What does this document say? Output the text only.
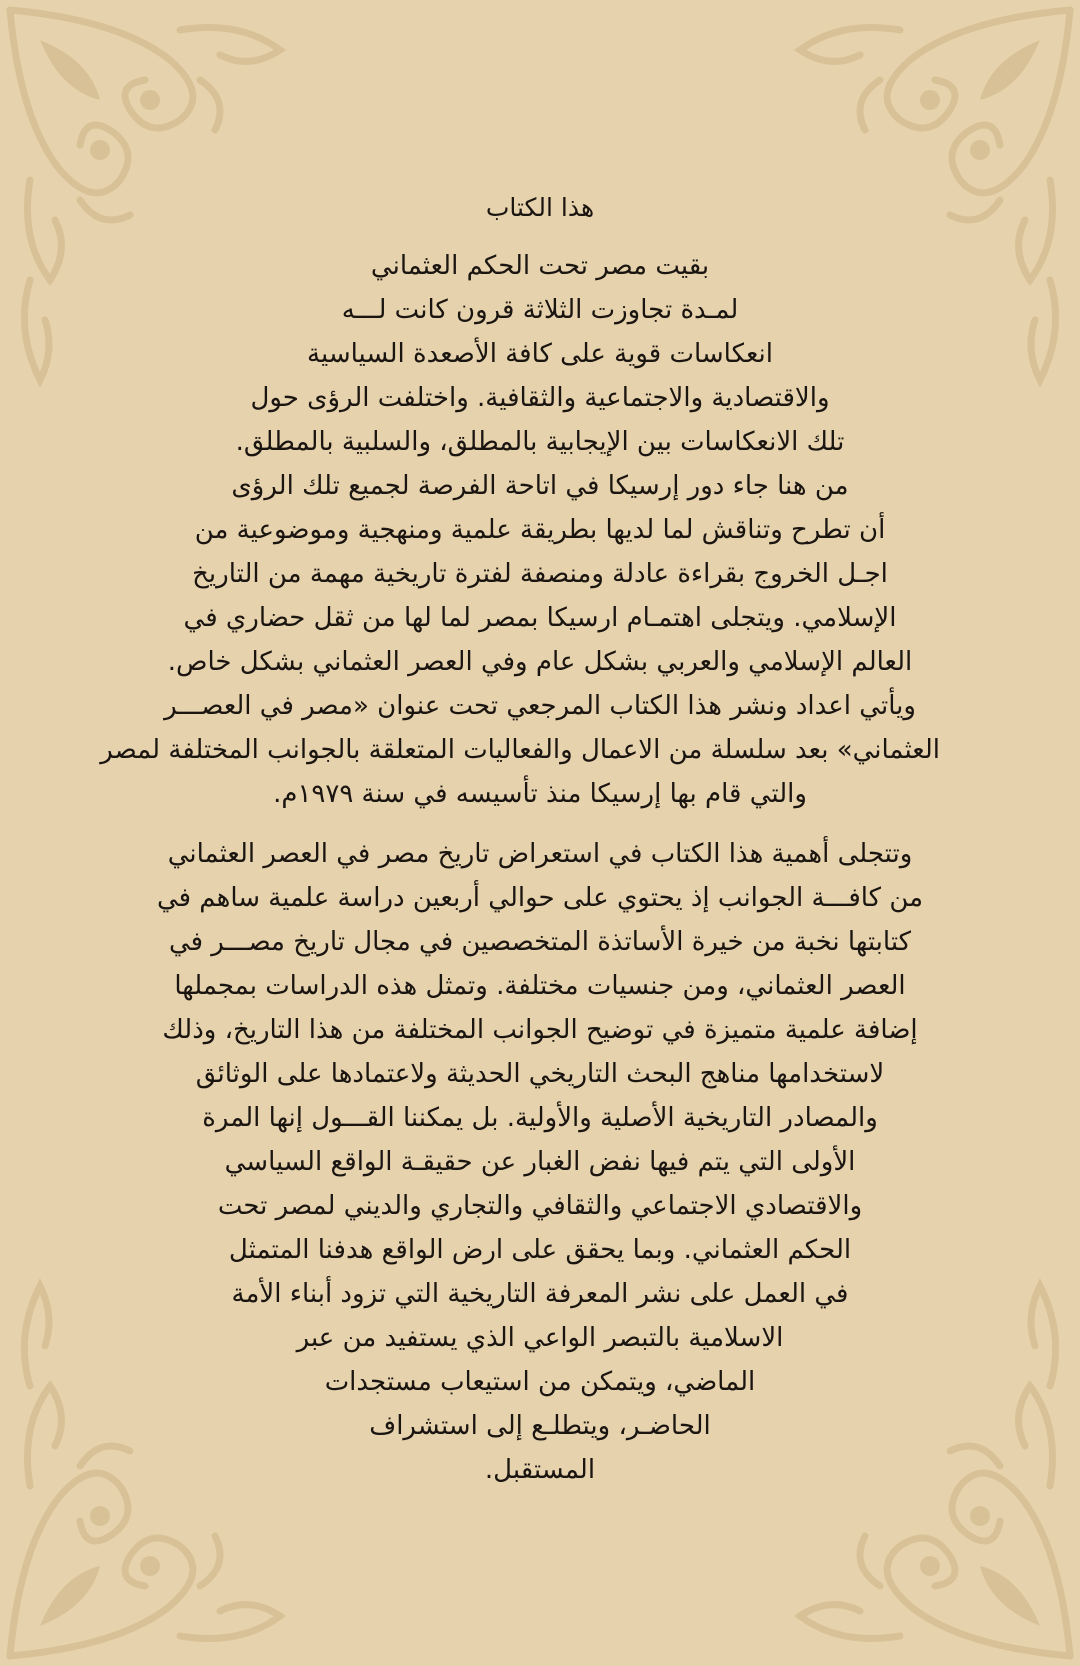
هذا الكتاب
بقيت مصر تحت الحكم العثماني
لمـدة تجاوزت الثلاثة قرون كانت لـــه
انعكاسات قوية على كافة الأصعدة السياسية
والاقتصادية والاجتماعية والثقافية. واختلفت الرؤى حول
تلك الانعكاسات بين الإيجابية بالمطلق، والسلبية بالمطلق.
من هنا جاء دور إرسيكا في اتاحة الفرصة لجميع تلك الرؤى
أن تطرح وتناقش لما لديها بطريقة علمية ومنهجية وموضوعية من
اجـل الخروج بقراءة عادلة ومنصفة لفترة تاريخية مهمة من التاريخ
الإسلامي. ويتجلى اهتمـام ارسيكا بمصر لما لها من ثقل حضاري في
العالم الإسلامي والعربي بشكل عام وفي العصر العثماني بشكل خاص.
ويأتي اعداد ونشر هذا الكتاب المرجعي تحت عنوان «مصر في العصـــر
العثماني» بعد سلسلة من الاعمال والفعاليات المتعلقة بالجوانب المختلفة لمصر
والتي قام بها إرسيكا منذ تأسيسه في سنة ١٩٧٩م.
وتتجلى أهمية هذا الكتاب في استعراض تاريخ مصر في العصر العثماني
من كافـــة الجوانب إذ يحتوي على حوالي أربعين دراسة علمية ساهم في
كتابتها نخبة من خيرة الأساتذة المتخصصين في مجال تاريخ مصـــر في
العصر العثماني، ومن جنسيات مختلفة. وتمثل هذه الدراسات بمجملها
إضافة علمية متميزة في توضيح الجوانب المختلفة من هذا التاريخ، وذلك
لاستخدامها مناهج البحث التاريخي الحديثة ولاعتمادها على الوثائق
والمصادر التاريخية الأصلية والأولية. بل يمكننا القـــول إنها المرة
الأولى التي يتم فيها نفض الغبار عن حقيقـة الواقع السياسي
والاقتصادي الاجتماعي والثقافي والتجاري والديني لمصر تحت
الحكم العثماني. وبما يحقق على ارض الواقع هدفنا المتمثل
في العمل على نشر المعرفة التاريخية التي تزود أبناء الأمة
الاسلامية بالتبصر الواعي الذي يستفيد من عبر
الماضي، ويتمكن من استيعاب مستجدات
الحاضـر، ويتطلـع إلى استشراف
المستقبل.
